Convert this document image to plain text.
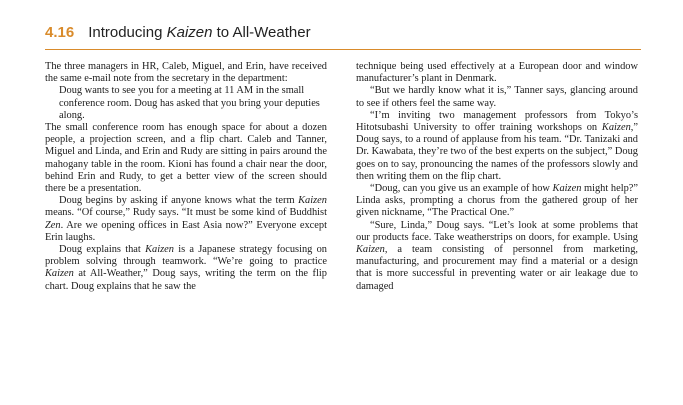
4.16 Introducing Kaizen to All-Weather

The three managers in HR, Caleb, Miguel, and Erin, have received the same e-mail note from the secretary in the department:

Doug wants to see you for a meeting at 11 AM in the small conference room. Doug has asked that you bring your deputies along.

The small conference room has enough space for about a dozen people, a projection screen, and a flip chart. Caleb and Tanner, Miguel and Linda, and Erin and Rudy are sitting in pairs around the mahogany table in the room. Kioni has found a chair near the door, behind Erin and Rudy, to get a better view of the screen should there be a presentation.

Doug begins by asking if anyone knows what the term Kaizen means. “Of course,” Rudy says. “It must be some kind of Buddhist Zen. Are we opening offices in East Asia now?” Everyone except Erin laughs.

Doug explains that Kaizen is a Japanese strategy focusing on problem solving through teamwork. “We’re going to practice Kaizen at All-Weather,” Doug says, writing the term on the flip chart. Doug explains that he saw the

technique being used effectively at a European door and window manufacturer’s plant in Denmark.

“But we hardly know what it is,” Tanner says, glancing around to see if others feel the same way.

“I’m inviting two management professors from Tokyo’s Hitotsubashi University to offer training workshops on Kaizen,” Doug says, to a round of applause from his team. “Dr. Tanizaki and Dr. Kawabata, they’re two of the best experts on the subject,” Doug goes on to say, pronouncing the names of the professors slowly and then writing them on the flip chart.

“Doug, can you give us an example of how Kaizen might help?” Linda asks, prompting a chorus from the gathered group of her given nickname, “The Practical One.”

“Sure, Linda,” Doug says. “Let’s look at some problems that our products face. Take weatherstrips on doors, for example. Using Kaizen, a team consisting of personnel from marketing, manufacturing, and procurement may find a material or a design that is more successful in preventing water or air leakage due to damaged
